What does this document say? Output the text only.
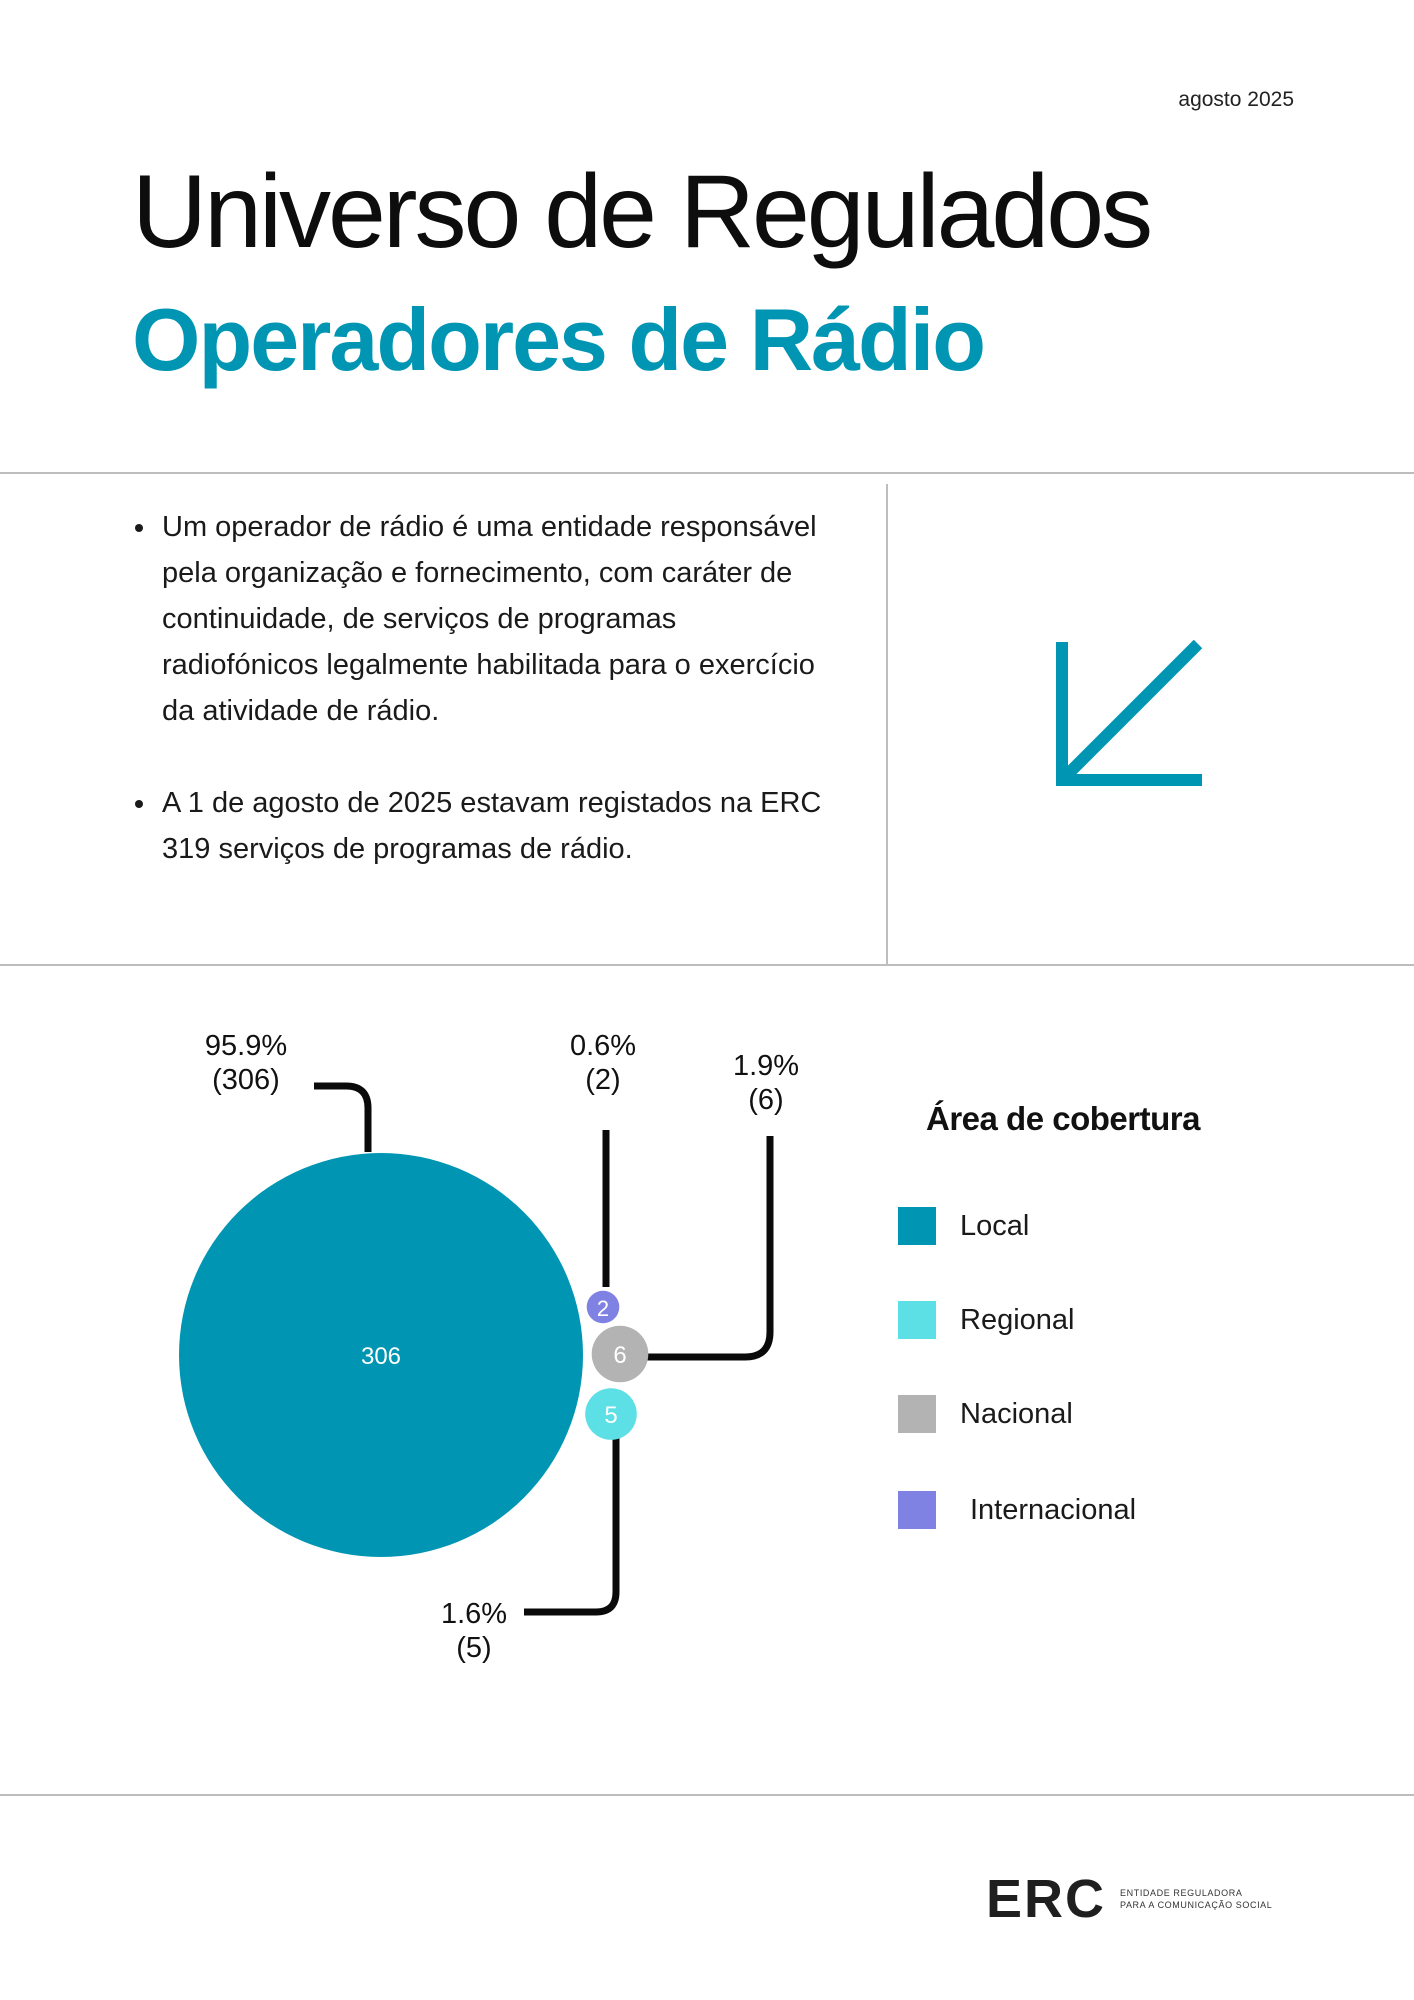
agosto 2025
Universo de Regulados
Operadores de Rádio
• Um operador de rádio é uma entidade responsável pela organização e fornecimento, com caráter de continuidade, de serviços de programas radiofónicos legalmente habilitada para o exercício da atividade de rádio.
• A 1 de agosto de 2025 estavam registados na ERC 319 serviços de programas de rádio.
306
5
6
2
95.9%
(306)
0.6%
(2)	1.9%
(6)
1.6%
(5)
Área de cobertura
Local
Regional
Nacional
Internacional
ERC ENTIDADE REGULADORA
PARA A COMUNICAÇÃO SOCIAL
